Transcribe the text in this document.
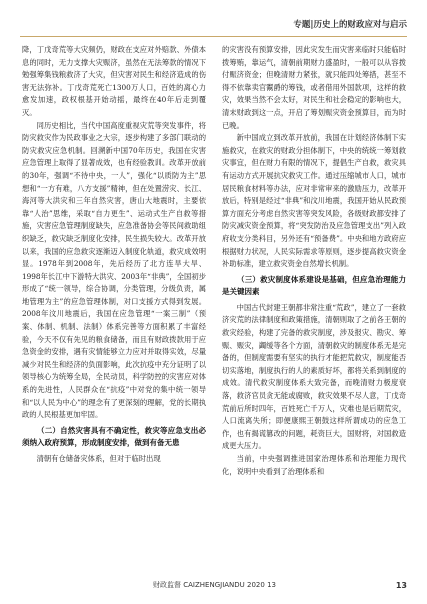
专题|历史上的财政应对与启示

降，丁戊奇荒等大灾频仍，财政在支应对外赔款、外债本息的同时，无力支撑大灾赈济，虽然在无法筹款的情况下勉强筹集钱粮救济了大灾，但灾害对民生和经济造成的伤害无法弥补。丁戊奇荒死亡1300万人口，百姓的离心力愈发加速，政权根基开始动摇，最终在40年后走到覆灭。

同历史相比，当代中国高度重视灾荒等突发事件，将防灾救灾作为民政事业之大宗，逐步构建了多部门联动的防灾救灾应急机制。回溯新中国70年历史，我国在灾害应急管理上取得了显著成效，也有经验教训。改革开放前的30年，强调“不待中央，一人”，强化“以质防为主”思想和“一方有难，八方支援”精神，但在处置涝灾、长江、海河等大洪灾和三年自然灾害，唐山大地震时，主要依靠“人治”思维，采取“自力更生”、运动式生产自救等措施，灾害应急管理制度缺失，应急准备协会等民间救助组织缺乏，救灾缺乏制度化安排，民生损失较大。改革开放以来，我国的应急救灾逐渐迈入制度化轨道，救灾成效明显。1978年到2008年，先后经历了北方连旱大旱、1998年长江中下游特大洪灾、2003年“非典”，全国初步形成了“统一领导，综合协调，分类管理，分级负责，属地管理为主”的应急管理体制，对口支援方式得到发展。2008年汶川地震后，我国在应急管理“一案三制”（预案、体制、机制、法制）体系完善等方面积累了丰富经验，今天不仅有先见的粮食储备，而且有财政拨款用于应急资金的安排，遇有灾情能够立力应对并取得实效，尽量减少对民生和经济的负面影响，此次抗疫中充分证明了以领导核心为统筹全局，全民动员，科学防控的灾害应对体系的先进性，人民群众在“抗疫”中对党的集中统一领导和“以人民为中心”的理念有了更深刻的理解，党的长期执政的人民根基更加牢固。

（二）自然灾害具有不确定性，救灾等应急支出必须纳入政府预算，形成制度安排，做到有备无患

清朝有仓储备灾体系，但对于临时出现

的灾害没有预算安排，因此灾发生而灾害来临时只能临时拨筹贿，靠运气，清朝前期财力盛盈时，一般可以从容拨付赈济资金；但晚清财力紧张，就只能四处筹措，甚至不得不依靠卖官鬻爵的筹钱，或者借用外国款项，这样的救灾，效果当然不会太好，对民生和社会稳定的影响也大，清末财政到这一点，开启了筹划赈灾资金预算目，而为时已晚。

新中国成立到改革开放前，我国在计划经济体制下实施救灾，在救灾的财政分担体制下，中央的统统一筹划救灾事宜，但在财力有限的情况下，提倡生产自救，救灾具有运动方式开展抗灾救灾工作。通过压缩城市人口，城市居民粮食材料等办法，应对非常审来的激励压力，改革开放后，特别是经过“非典”和汶川地震，我国开始从民政预算方面充分考虑自然灾害等突发风险，各级财政都安排了防灾减灾资金预算，将“突发防治及应急管理支出”列入政府收支分类科目，另外还有“预备费”。中央和地方政府应根据财力状况，人民实际需求等原则，逐步提高救灾资金补助标准，建立救灾资金自然增长机制。

（三）救灾制度体系建设是基础，但应急治理能力是关键因素

中国古代封建王朝都非常注重“荒政”，建立了一套救济灾荒的法律制度和政策措施，清朝则取了之前各王朝的救灾经验，构建了完备的救灾制度，涉及报灾、勘灾、筹赈、赈灾，蠲缓等各个方面，清朝救灾的制度体系无是完备的，但制度需要有坚实的执行才能把荒救灾，制度能否切实落地，制度执行的人的素质好坏，都将关系到制度的成效。清代救灾制度体系大致完备，而晚清财力极度衰落，救济官员贪无能或腐败，救灾效果不尽人意，丁戊奇荒前后所时四年，百姓死亡千万人，灾难也是后期荒灾，人口流离失所；即便康熙王朝鼓这样所谓成功的应急工作，也有揭谎篡改的问题，耗资巨大，国财将，对国救造成更大压力。

当前，中央强调推进国家治理体系和治理能力现代化，说明中央看到了治理体系和

财政监督 CAIZHENGJIANDU 2020 13	13
